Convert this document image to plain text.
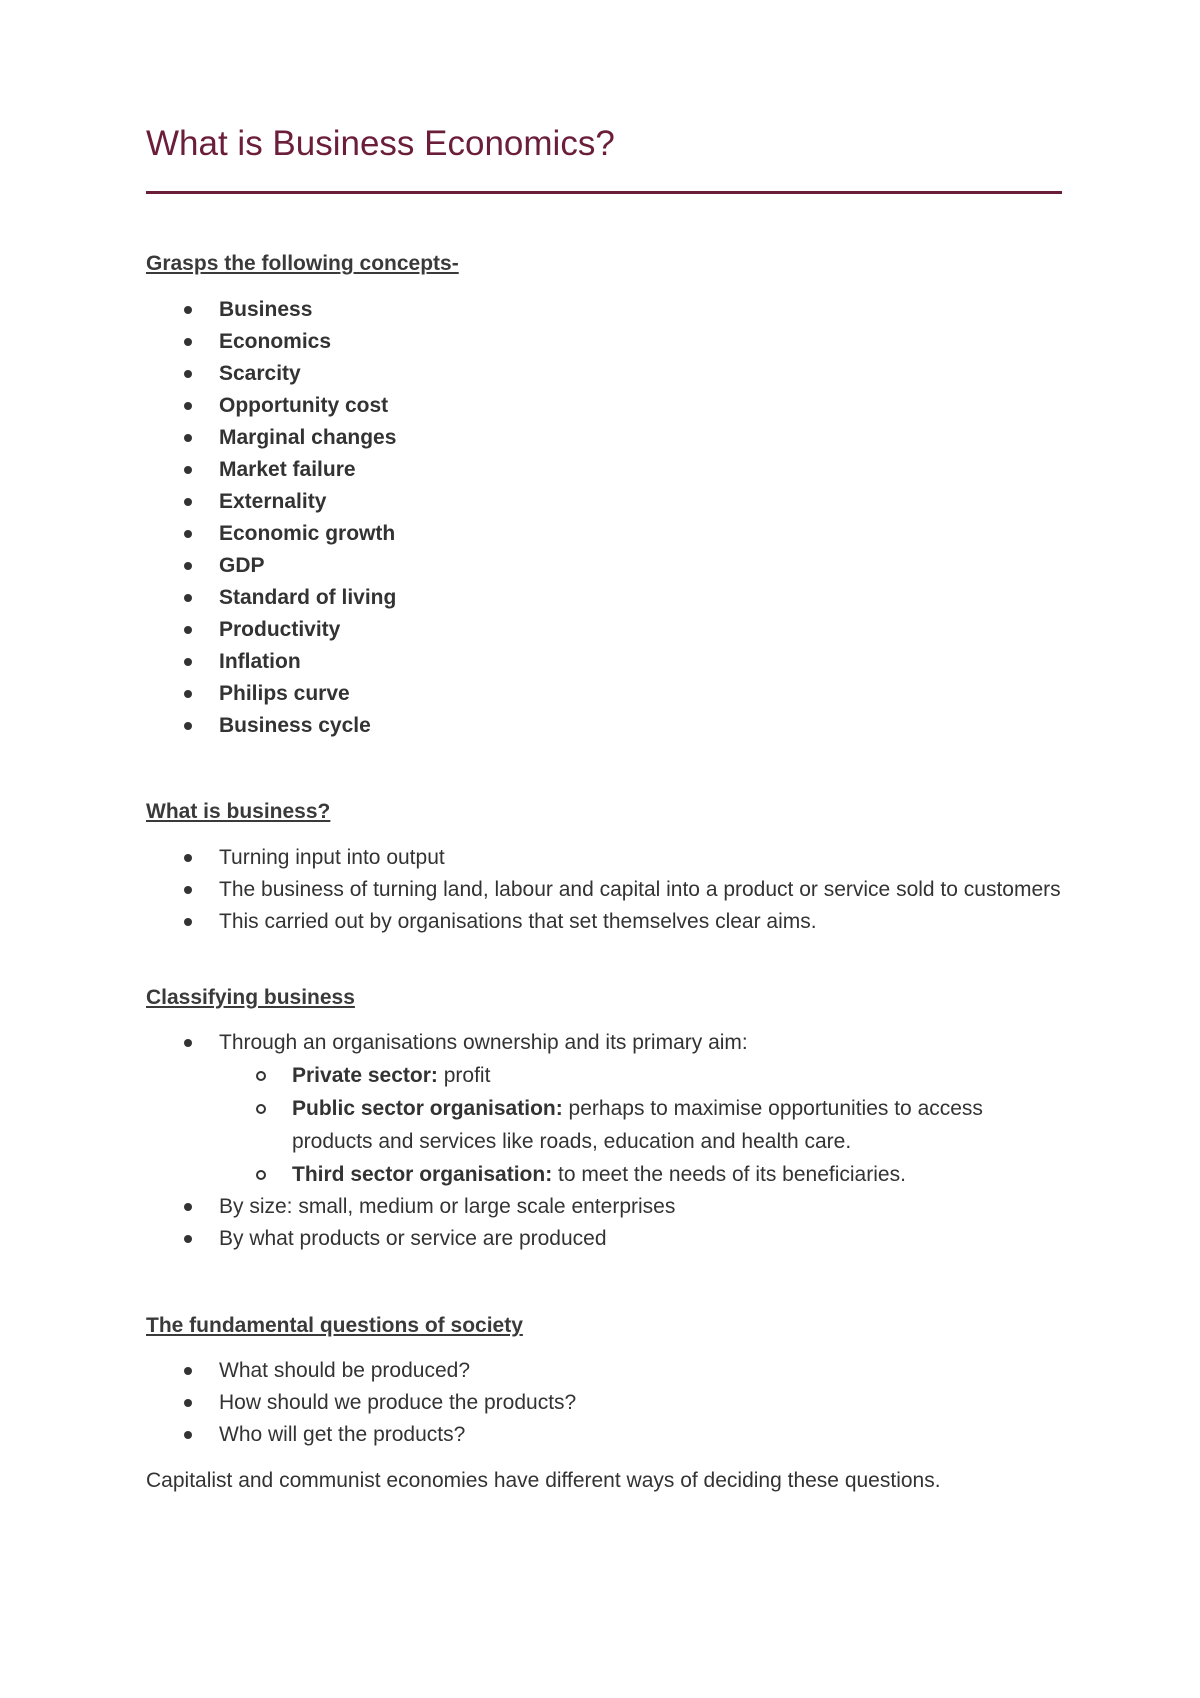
What is Business Economics?
Grasps the following concepts-
Business
Economics
Scarcity
Opportunity cost
Marginal changes
Market failure
Externality
Economic growth
GDP
Standard of living
Productivity
Inflation
Philips curve
Business cycle
What is business?
Turning input into output
The business of turning land, labour and capital into a product or service sold to customers
This carried out by organisations that set themselves clear aims.
Classifying business
Through an organisations ownership and its primary aim:
Private sector: profit
Public sector organisation: perhaps to maximise opportunities to access products and services like roads, education and health care.
Third sector organisation: to meet the needs of its beneficiaries.
By size: small, medium or large scale enterprises
By what products or service are produced
The fundamental questions of society
What should be produced?
How should we produce the products?
Who will get the products?

Capitalist and communist economies have different ways of deciding these questions.
